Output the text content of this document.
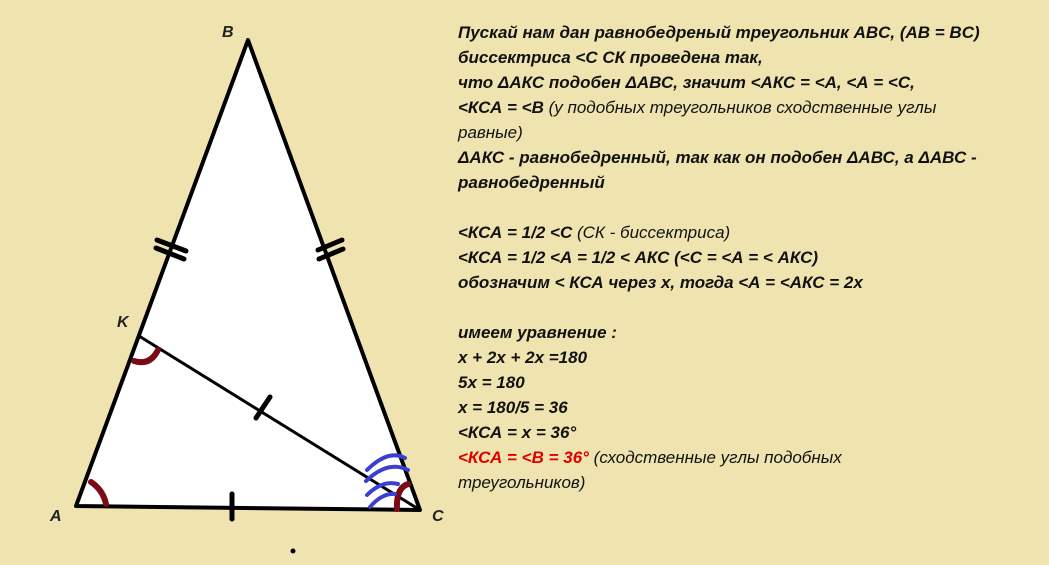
B
K
A	C
Пускай нам дан равнобедреный треугольник ABC, (AB = BC)
биссектриса <С СК проведена так,
что ΔАКС подобен ΔАВС, значит <АКС = <А, <А = <С,
<КСА = <В (у подобных треугольников сходственные углы
равные)
ΔАКС - равнобедренный, так как он подобен ΔАВС, а ΔАВС -
равнобедренный
<КСА = 1/2 <С (СК - биссектриса)
<КСА = 1/2 <А = 1/2 < АКС (<С = <А = < АКС)
обозначим < КСА через х, тогда <А = <АКС = 2х
имеем уравнение :
х + 2х + 2х =180
5х = 180
х = 180/5 = 36
<КСА = х = 36°
<КСА = <В = 36° (сходственные углы подобных
треугольников)
